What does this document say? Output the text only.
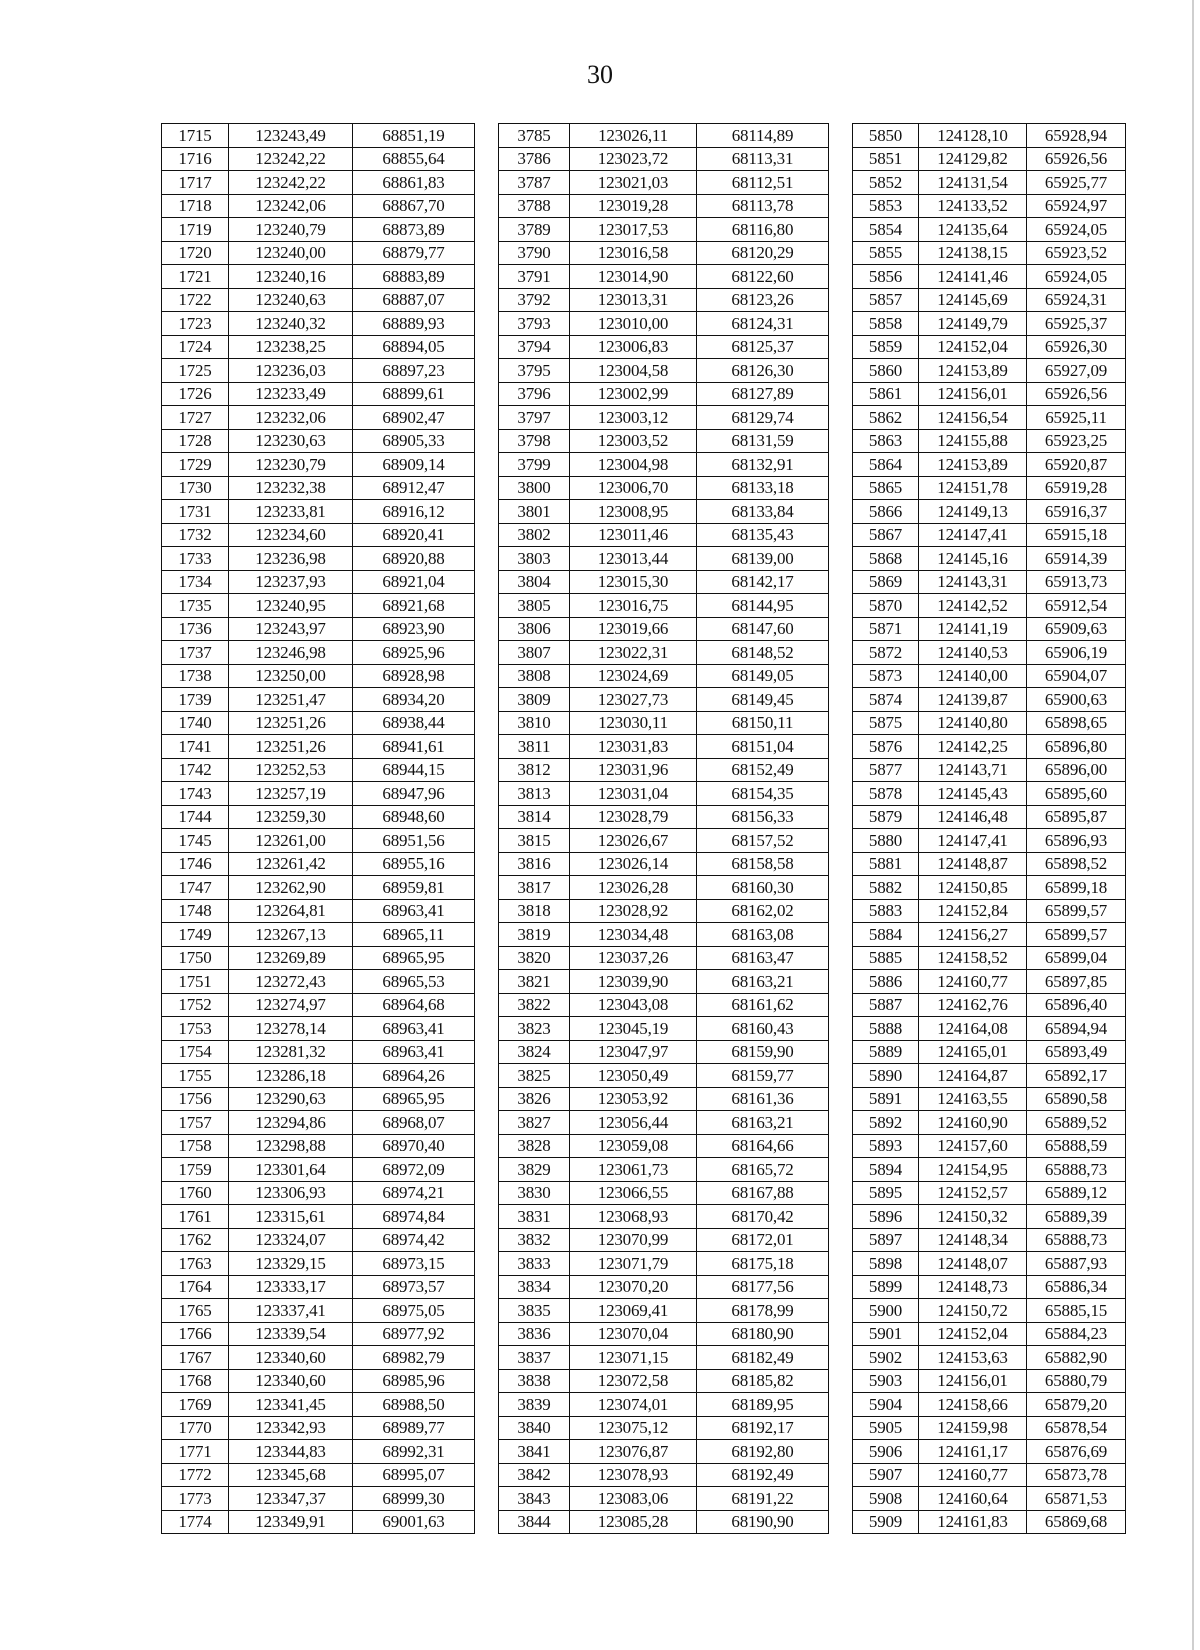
30
1715	123243,49	68851,19		3785	123026,11	68114,89		5850	124128,10	65928,94
1716	123242,22	68855,64		3786	123023,72	68113,31		5851	124129,82	65926,56
1717	123242,22	68861,83		3787	123021,03	68112,51		5852	124131,54	65925,77
1718	123242,06	68867,70		3788	123019,28	68113,78		5853	124133,52	65924,97
1719	123240,79	68873,89		3789	123017,53	68116,80		5854	124135,64	65924,05
1720	123240,00	68879,77		3790	123016,58	68120,29		5855	124138,15	65923,52
1721	123240,16	68883,89		3791	123014,90	68122,60		5856	124141,46	65924,05
1722	123240,63	68887,07		3792	123013,31	68123,26		5857	124145,69	65924,31
1723	123240,32	68889,93		3793	123010,00	68124,31		5858	124149,79	65925,37
1724	123238,25	68894,05		3794	123006,83	68125,37		5859	124152,04	65926,30
1725	123236,03	68897,23		3795	123004,58	68126,30		5860	124153,89	65927,09
1726	123233,49	68899,61		3796	123002,99	68127,89		5861	124156,01	65926,56
1727	123232,06	68902,47		3797	123003,12	68129,74		5862	124156,54	65925,11
1728	123230,63	68905,33		3798	123003,52	68131,59		5863	124155,88	65923,25
1729	123230,79	68909,14		3799	123004,98	68132,91		5864	124153,89	65920,87
1730	123232,38	68912,47		3800	123006,70	68133,18		5865	124151,78	65919,28
1731	123233,81	68916,12		3801	123008,95	68133,84		5866	124149,13	65916,37
1732	123234,60	68920,41		3802	123011,46	68135,43		5867	124147,41	65915,18
1733	123236,98	68920,88		3803	123013,44	68139,00		5868	124145,16	65914,39
1734	123237,93	68921,04		3804	123015,30	68142,17		5869	124143,31	65913,73
1735	123240,95	68921,68		3805	123016,75	68144,95		5870	124142,52	65912,54
1736	123243,97	68923,90		3806	123019,66	68147,60		5871	124141,19	65909,63
1737	123246,98	68925,96		3807	123022,31	68148,52		5872	124140,53	65906,19
1738	123250,00	68928,98		3808	123024,69	68149,05		5873	124140,00	65904,07
1739	123251,47	68934,20		3809	123027,73	68149,45		5874	124139,87	65900,63
1740	123251,26	68938,44		3810	123030,11	68150,11		5875	124140,80	65898,65
1741	123251,26	68941,61		3811	123031,83	68151,04		5876	124142,25	65896,80
1742	123252,53	68944,15		3812	123031,96	68152,49		5877	124143,71	65896,00
1743	123257,19	68947,96		3813	123031,04	68154,35		5878	124145,43	65895,60
1744	123259,30	68948,60		3814	123028,79	68156,33		5879	124146,48	65895,87
1745	123261,00	68951,56		3815	123026,67	68157,52		5880	124147,41	65896,93
1746	123261,42	68955,16		3816	123026,14	68158,58		5881	124148,87	65898,52
1747	123262,90	68959,81		3817	123026,28	68160,30		5882	124150,85	65899,18
1748	123264,81	68963,41		3818	123028,92	68162,02		5883	124152,84	65899,57
1749	123267,13	68965,11		3819	123034,48	68163,08		5884	124156,27	65899,57
1750	123269,89	68965,95		3820	123037,26	68163,47		5885	124158,52	65899,04
1751	123272,43	68965,53		3821	123039,90	68163,21		5886	124160,77	65897,85
1752	123274,97	68964,68		3822	123043,08	68161,62		5887	124162,76	65896,40
1753	123278,14	68963,41		3823	123045,19	68160,43		5888	124164,08	65894,94
1754	123281,32	68963,41		3824	123047,97	68159,90		5889	124165,01	65893,49
1755	123286,18	68964,26		3825	123050,49	68159,77		5890	124164,87	65892,17
1756	123290,63	68965,95		3826	123053,92	68161,36		5891	124163,55	65890,58
1757	123294,86	68968,07		3827	123056,44	68163,21		5892	124160,90	65889,52
1758	123298,88	68970,40		3828	123059,08	68164,66		5893	124157,60	65888,59
1759	123301,64	68972,09		3829	123061,73	68165,72		5894	124154,95	65888,73
1760	123306,93	68974,21		3830	123066,55	68167,88		5895	124152,57	65889,12
1761	123315,61	68974,84		3831	123068,93	68170,42		5896	124150,32	65889,39
1762	123324,07	68974,42		3832	123070,99	68172,01		5897	124148,34	65888,73
1763	123329,15	68973,15		3833	123071,79	68175,18		5898	124148,07	65887,93
1764	123333,17	68973,57		3834	123070,20	68177,56		5899	124148,73	65886,34
1765	123337,41	68975,05		3835	123069,41	68178,99		5900	124150,72	65885,15
1766	123339,54	68977,92		3836	123070,04	68180,90		5901	124152,04	65884,23
1767	123340,60	68982,79		3837	123071,15	68182,49		5902	124153,63	65882,90
1768	123340,60	68985,96		3838	123072,58	68185,82		5903	124156,01	65880,79
1769	123341,45	68988,50		3839	123074,01	68189,95		5904	124158,66	65879,20
1770	123342,93	68989,77		3840	123075,12	68192,17		5905	124159,98	65878,54
1771	123344,83	68992,31		3841	123076,87	68192,80		5906	124161,17	65876,69
1772	123345,68	68995,07		3842	123078,93	68192,49		5907	124160,77	65873,78
1773	123347,37	68999,30		3843	123083,06	68191,22		5908	124160,64	65871,53
1774	123349,91	69001,63		3844	123085,28	68190,90		5909	124161,83	65869,68
